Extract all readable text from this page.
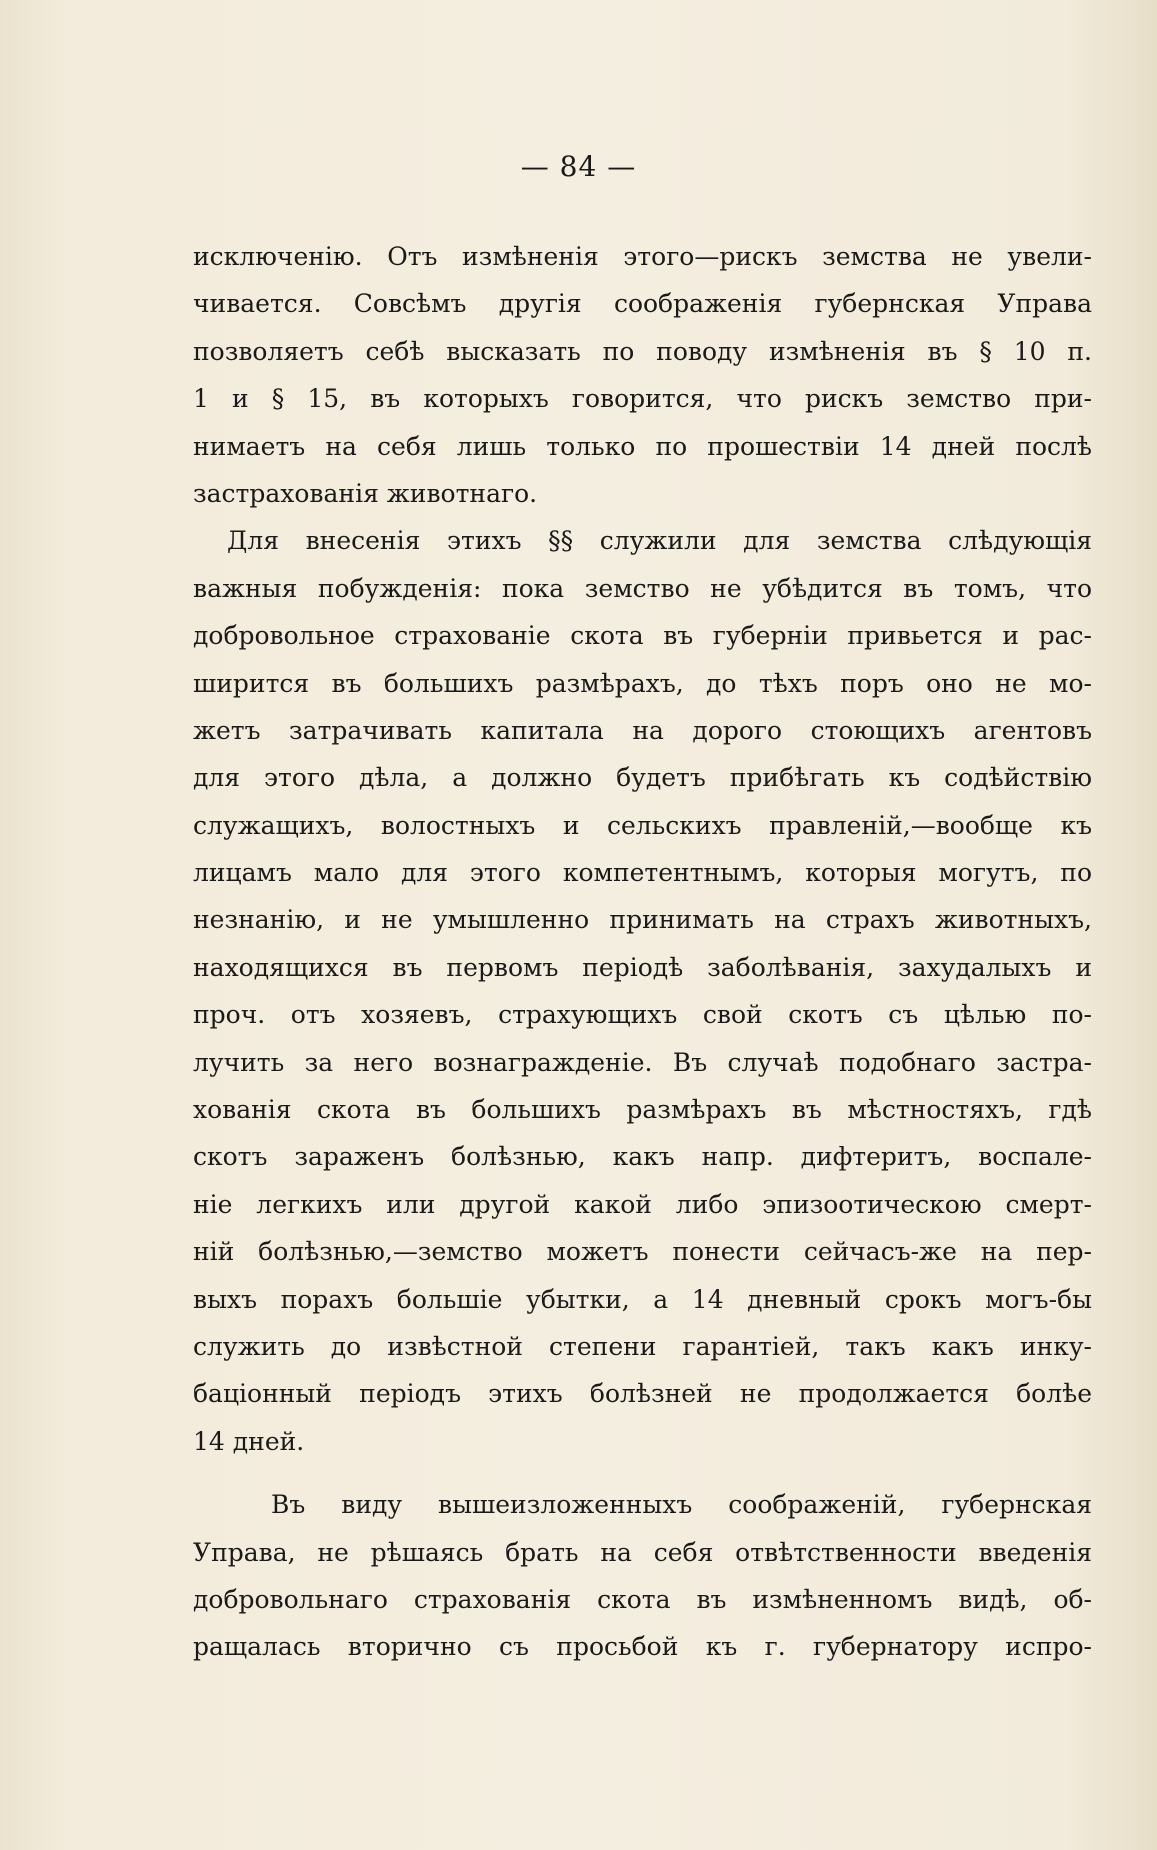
— 84 —
исключенію. Отъ измѣненія этого—рискъ земства не увели-
чивается. Совсѣмъ другія соображенія губернская Управа
позволяетъ себѣ высказать по поводу измѣненія въ § 10 п.
1 и § 15, въ которыхъ говорится, что рискъ земство при-
нимаетъ на себя лишь только по прошествіи 14 дней послѣ
застрахованія животнаго.
Для внесенія этихъ §§ служили для земства слѣдующія
важныя побужденія: пока земство не убѣдится въ томъ, что
добровольное страхованіе скота въ губерніи привьется и рас-
ширится въ большихъ размѣрахъ, до тѣхъ поръ оно не мо-
жетъ затрачивать капитала на дорого стоющихъ агентовъ
для этого дѣла, а должно будетъ прибѣгать къ содѣйствію
служащихъ, волостныхъ и сельскихъ правленій,—вообще къ
лицамъ мало для этого компетентнымъ, которыя могутъ, по
незнанію, и не умышленно принимать на страхъ животныхъ,
находящихся въ первомъ періодѣ заболѣванія, захудалыхъ и
проч. отъ хозяевъ, страхующихъ свой скотъ съ цѣлью по-
лучить за него вознагражденіе. Въ случаѣ подобнаго застра-
хованія скота въ большихъ размѣрахъ въ мѣстностяхъ, гдѣ
скотъ зараженъ болѣзнью, какъ напр. дифтеритъ, воспале-
ніе легкихъ или другой какой либо эпизоотическою смерт-
ній болѣзнью,—земство можетъ понести сейчасъ-же на пер-
выхъ порахъ большіе убытки, а 14 дневный срокъ могъ-бы
служить до извѣстной степени гарантіей, такъ какъ инку-
баціонный періодъ этихъ болѣзней не продолжается болѣе
14 дней.
Въ виду вышеизложенныхъ соображеній, губернская
Управа, не рѣшаясь брать на себя отвѣтственности введенія
добровольнаго страхованія скота въ измѣненномъ видѣ, об-
ращалась вторично съ просьбой къ г. губернатору испро-
